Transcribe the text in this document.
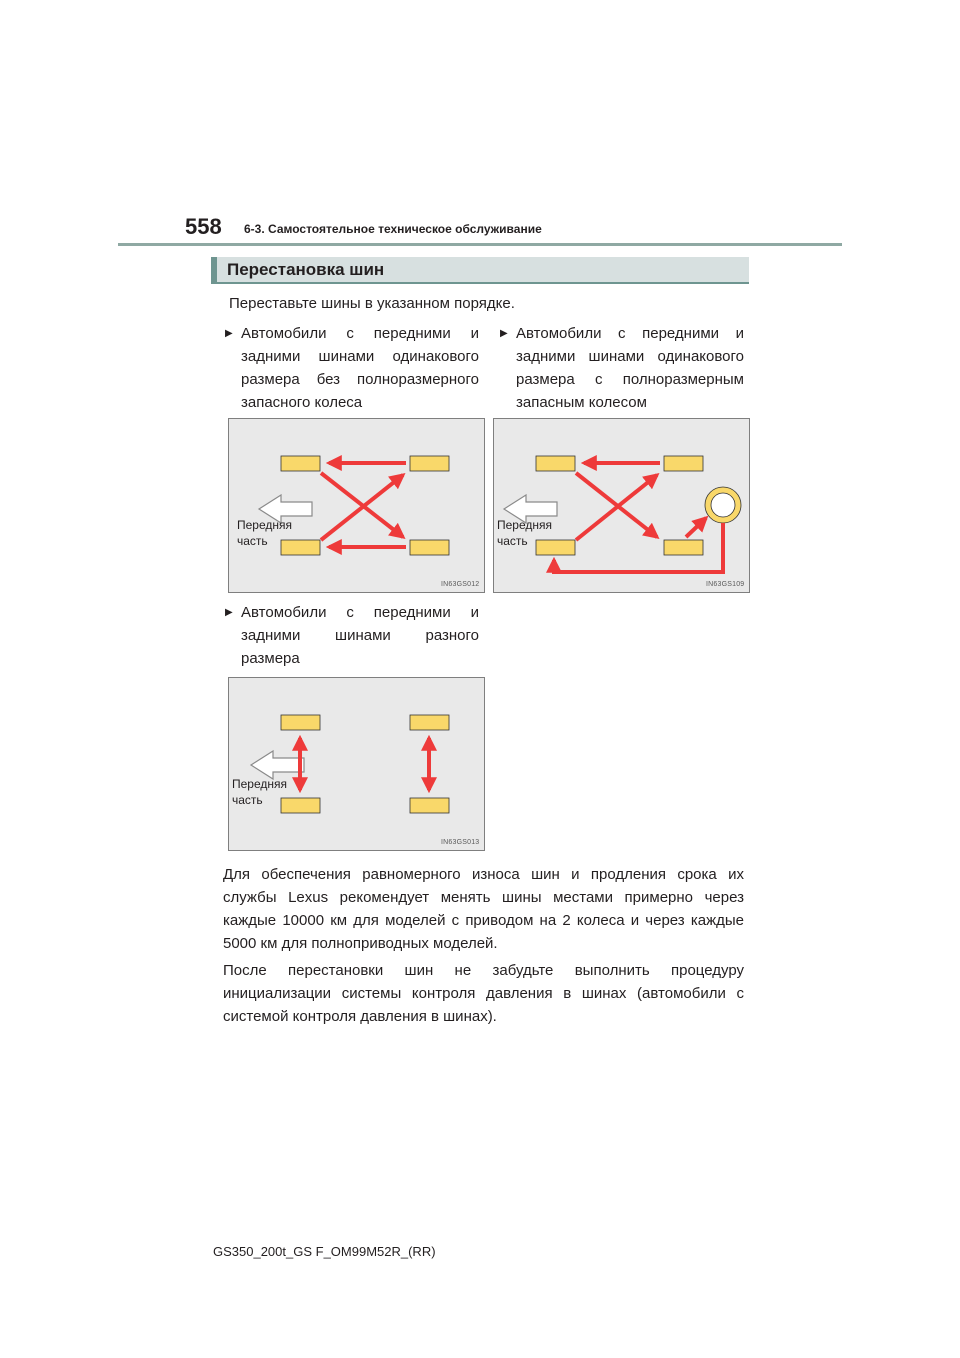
558 6-3. Самостоятельное техническое обслуживание
Перестановка шин
Переставьте шины в указанном порядке.
▶ Автомобили с передними и задними шинами одинакового размера без полноразмерного запасного колеса
▶ Автомобили с передними и задними шинами одинакового размера с полноразмерным запасным колесом
Передняя
часть
IN63GS012
Передняя
часть
IN63GS109
▶ Автомобили с передними и задними шинами разного размера
Передняя
часть
IN63GS013
Для обеспечения равномерного износа шин и продления срока их службы Lexus рекомендует менять шины местами примерно через каждые 10000 км для моделей с приводом на 2 колеса и через каждые 5000 км для полноприводных моделей.
После перестановки шин не забудьте выполнить процедуру инициализации системы контроля давления в шинах (автомобили с системой контроля давления в шинах).
GS350_200t_GS F_OM99M52R_(RR)
